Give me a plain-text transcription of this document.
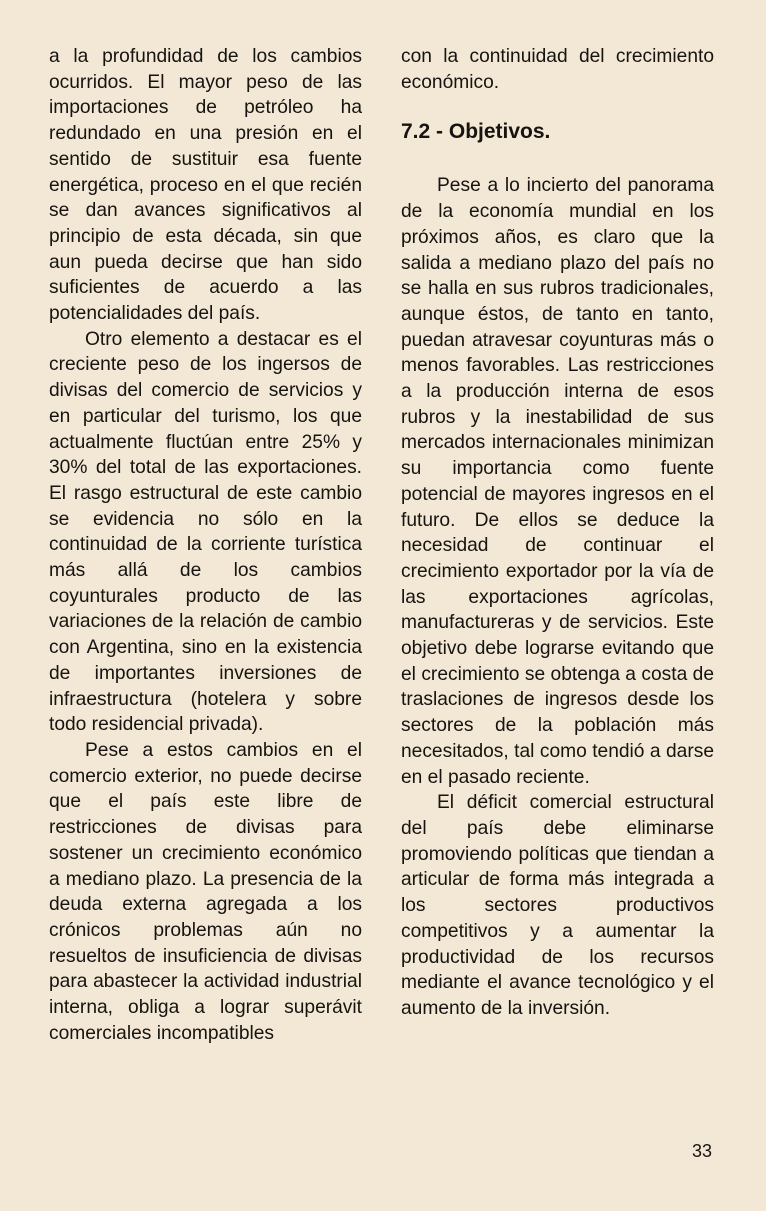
a la profundidad de los cambios ocurridos. El mayor peso de las importaciones de petróleo ha redundado en una presión en el sentido de sustituir esa fuente energética, proceso en el que recién se dan avances significativos al principio de esta década, sin que aun pueda decirse que han sido suficientes de acuerdo a las potencialidades del país.

Otro elemento a destacar es el creciente peso de los ingersos de divisas del comercio de servicios y en particular del turismo, los que actualmente fluctúan entre 25% y 30% del total de las exportaciones. El rasgo estructural de este cambio se evidencia no sólo en la continuidad de la corriente turística más allá de los cambios coyunturales producto de las variaciones de la relación de cambio con Argentina, sino en la existencia de importantes inversiones de infraestructura (hotelera y sobre todo residencial privada).

Pese a estos cambios en el comercio exterior, no puede decirse que el país este libre de restricciones de divisas para sostener un crecimiento económico a mediano plazo. La presencia de la deuda externa agregada a los crónicos problemas aún no resueltos de insuficiencia de divisas para abastecer la actividad industrial interna, obliga a lograr superávit comerciales incompatibles

con la continuidad del crecimiento económico.

7.2 - Objetivos.

Pese a lo incierto del panorama de la economía mundial en los próximos años, es claro que la salida a mediano plazo del país no se halla en sus rubros tradicionales, aunque éstos, de tanto en tanto, puedan atravesar coyunturas más o menos favorables. Las restricciones a la producción interna de esos rubros y la inestabilidad de sus mercados internacionales minimizan su importancia como fuente potencial de mayores ingresos en el futuro. De ellos se deduce la necesidad de continuar el crecimiento exportador por la vía de las exportaciones agrícolas, manufactureras y de servicios. Este objetivo debe lograrse evitando que el crecimiento se obtenga a costa de traslaciones de ingresos desde los sectores de la población más necesitados, tal como tendió a darse en el pasado reciente.

El déficit comercial estructural del país debe eliminarse promoviendo políticas que tiendan a articular de forma más integrada a los sectores productivos competitivos y a aumentar la productividad de los recursos mediante el avance tecnológico y el aumento de la inversión.

33
